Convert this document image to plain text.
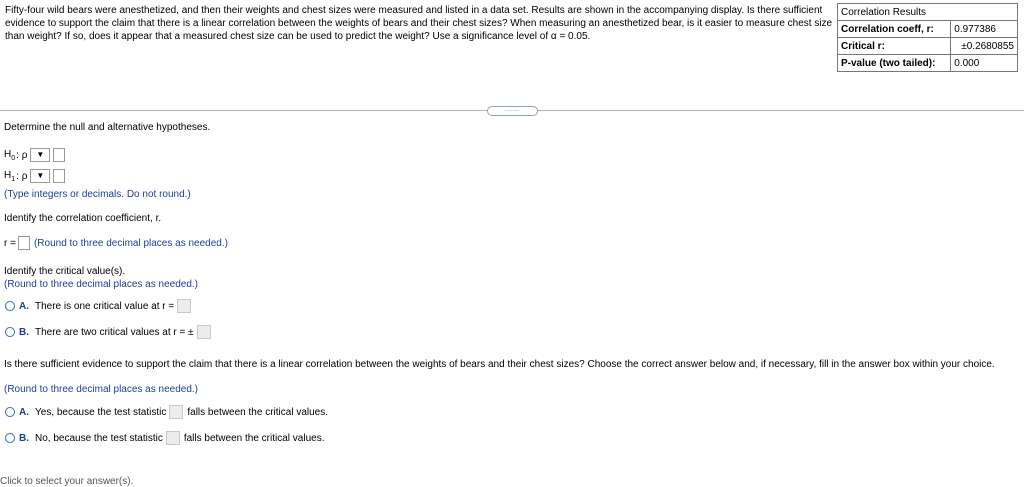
Fifty-four wild bears were anesthetized, and then their weights and chest sizes were measured and listed in a data set. Results are shown in the accompanying display. Is there sufficient evidence to support the claim that there is a linear correlation between the weights of bears and their chest sizes? When measuring an anesthetized bear, is it easier to measure chest size than weight? If so, does it appear that a measured chest size can be used to predict the weight? Use a significance level of α = 0.05.
Correlation Results	
Correlation coeff, r:	0.977386
Critical r:	±0.2680855
P-value (two tailed):	0.000
.....
Determine the null and alternative hypotheses.
$H_0$ : ρ	▼
$H_1$ : ρ	▼
(Type integers or decimals. Do not round.)
Identify the correlation coefficient, r.
r = (Round to three decimal places as needed.)
Identify the critical value(s).
(Round to three decimal places as needed.)
A. There is one critical value at r =
B. There are two critical values at r = ±
Is there sufficient evidence to support the claim that there is a linear correlation between the weights of bears and their chest sizes? Choose the correct answer below and, if necessary, fill in the answer box within your choice.
(Round to three decimal places as needed.)
A. Yes, because the test statistic falls between the critical values.
B. No, because the test statistic falls between the critical values.
Click to select your answer(s).
